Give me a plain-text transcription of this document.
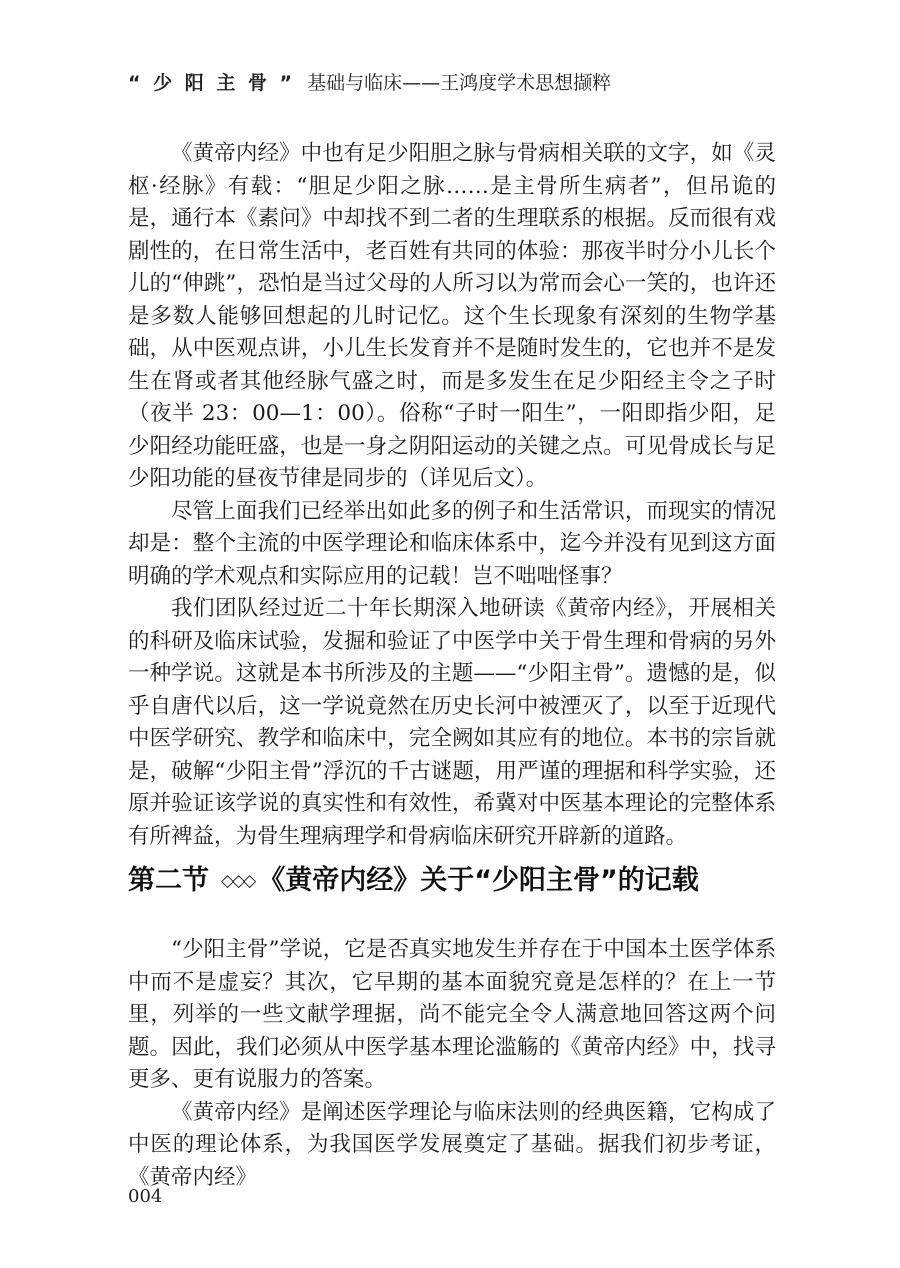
“ 少 阳 主 骨 ” 基础与临床——王鸿度学术思想撷粹

《黄帝内经》中也有足少阳胆之脉与骨病相关联的文字，如《灵枢·经脉》有载：“胆足少阳之脉……是主骨所生病者”，但吊诡的是，通行本《素问》中却找不到二者的生理联系的根据。反而很有戏剧性的，在日常生活中，老百姓有共同的体验：那夜半时分小儿长个儿的“伸跳”，恐怕是当过父母的人所习以为常而会心一笑的，也许还是多数人能够回想起的儿时记忆。这个生长现象有深刻的生物学基础，从中医观点讲，小儿生长发育并不是随时发生的，它也并不是发生在肾或者其他经脉气盛之时，而是多发生在足少阳经主令之子时（夜半 23：00—1：00）。俗称“子时一阳生”，一阳即指少阳，足少阳经功能旺盛，也是一身之阴阳运动的关键之点。可见骨成长与足少阳功能的昼夜节律是同步的（详见后文）。

尽管上面我们已经举出如此多的例子和生活常识，而现实的情况却是：整个主流的中医学理论和临床体系中，迄今并没有见到这方面明确的学术观点和实际应用的记载！岂不咄咄怪事？

我们团队经过近二十年长期深入地研读《黄帝内经》，开展相关的科研及临床试验，发掘和验证了中医学中关于骨生理和骨病的另外一种学说。这就是本书所涉及的主题——“少阳主骨”。遗憾的是，似乎自唐代以后，这一学说竟然在历史长河中被湮灭了，以至于近现代中医学研究、教学和临床中，完全阙如其应有的地位。本书的宗旨就是，破解“少阳主骨”浮沉的千古谜题，用严谨的理据和科学实验，还原并验证该学说的真实性和有效性，希冀对中医基本理论的完整体系有所裨益，为骨生理病理学和骨病临床研究开辟新的道路。

第二节 ◇◇◇ 《黄帝内经》关于“少阳主骨”的记载

“少阳主骨”学说，它是否真实地发生并存在于中国本土医学体系中而不是虚妄？其次，它早期的基本面貌究竟是怎样的？在上一节里，列举的一些文献学理据，尚不能完全令人满意地回答这两个问题。因此，我们必须从中医学基本理论滥觞的《黄帝内经》中，找寻更多、更有说服力的答案。

《黄帝内经》是阐述医学理论与临床法则的经典医籍，它构成了中医的理论体系，为我国医学发展奠定了基础。据我们初步考证，《黄帝内经》

004
